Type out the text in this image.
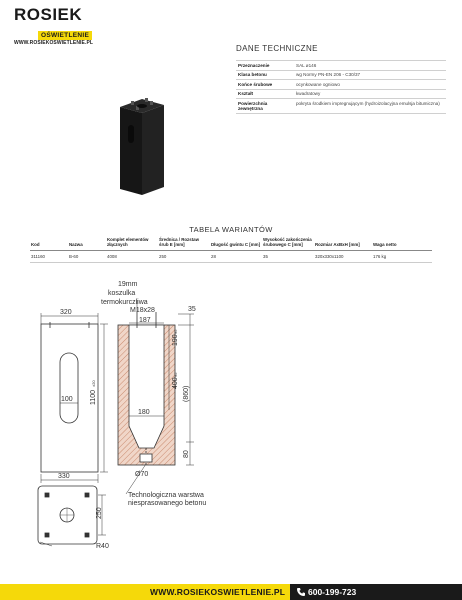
ROSIEK
OŚWIETLENIE
WWW.ROSIEKOSWIETLENIE.PL
DANE TECHNICZNE
Przeznaczenie	SAL ø146
Klasa betonu	wg Normy PN-EN 206 - C30/37
Końce śrubowe	ocynkowane ogniowo
Kształt	kwadratowy
Powierzchnia zewnętrzna	pokryta środkiem impregnującym (hydroizolacyjna emulsja bitumiczna)
TABELA WARIANTÓW
Kod	Nazwa	Komplet elementów złącznych	Średnica / Rozstaw śrub E [mm]	Długość gwintu C [mm]	Wysokość zakończenia śrubowego C [mm]	Rozmiar AxBxH [mm]	Waga netto
311160	B-60	4008	250	28	35	320x330x1100	176 kg
320
1100
±20
100
330
19mm
koszulka
termokurczliwa
M18x28
187
35
190
±5
400
±5
(860)
180
80
Ø70
250
R40
Technologiczna warstwa
niesprasowanego betonu
WWW.ROSIEKOSWIETLENIE.PL	600-199-723
